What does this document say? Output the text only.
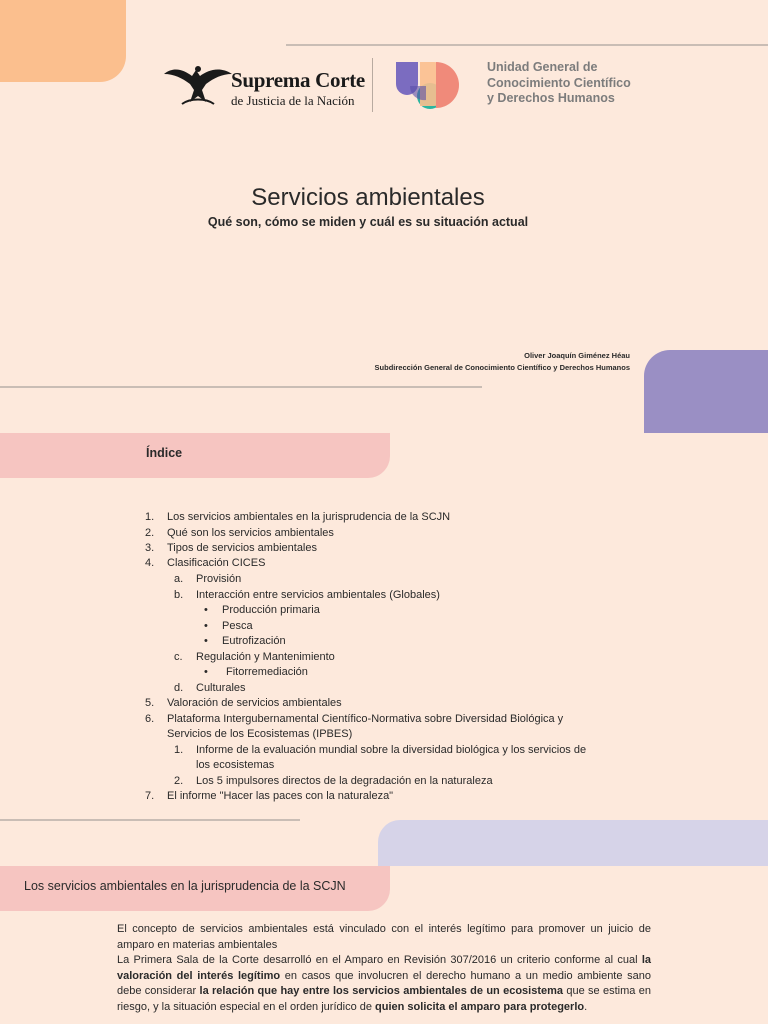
Suprema Corte
de Justicia de la Nación
Unidad General de
Conocimiento Científico
y Derechos Humanos
Servicios ambientales
Qué son, cómo se miden y cuál es su situación actual
Oliver Joaquín Giménez Héau
Subdirección General de Conocimiento Científico y Derechos Humanos
Índice
1. Los servicios ambientales en la jurisprudencia de la SCJN
2. Qué son los servicios ambientales
3. Tipos de servicios ambientales
4. Clasificación CICES
a. Provisión
b. Interacción entre servicios ambientales (Globales)
• Producción primaria
• Pesca
• Eutrofización
c. Regulación y Mantenimiento
• Fitorremediación
d. Culturales
5. Valoración de servicios ambientales
6. Plataforma Intergubernamental Científico-Normativa sobre Diversidad Biológica y
Servicios de los Ecosistemas (IPBES)
1. Informe de la evaluación mundial sobre la diversidad biológica y los servicios de
los ecosistemas
2. Los 5 impulsores directos de la degradación en la naturaleza
7. El informe "Hacer las paces con la naturaleza"
Los servicios ambientales en la jurisprudencia de la SCJN

El concepto de servicios ambientales está vinculado con el interés legítimo para promover un juicio de amparo en materias ambientales

La Primera Sala de la Corte desarrolló en el Amparo en Revisión 307/2016 un criterio conforme al cual la valoración del interés legítimo en casos que involucren el derecho humano a un medio ambiente sano debe considerar la relación que hay entre los servicios ambientales de un ecosistema que se estima en riesgo, y la situación especial en el orden jurídico de quien solicita el amparo para protegerlo.
